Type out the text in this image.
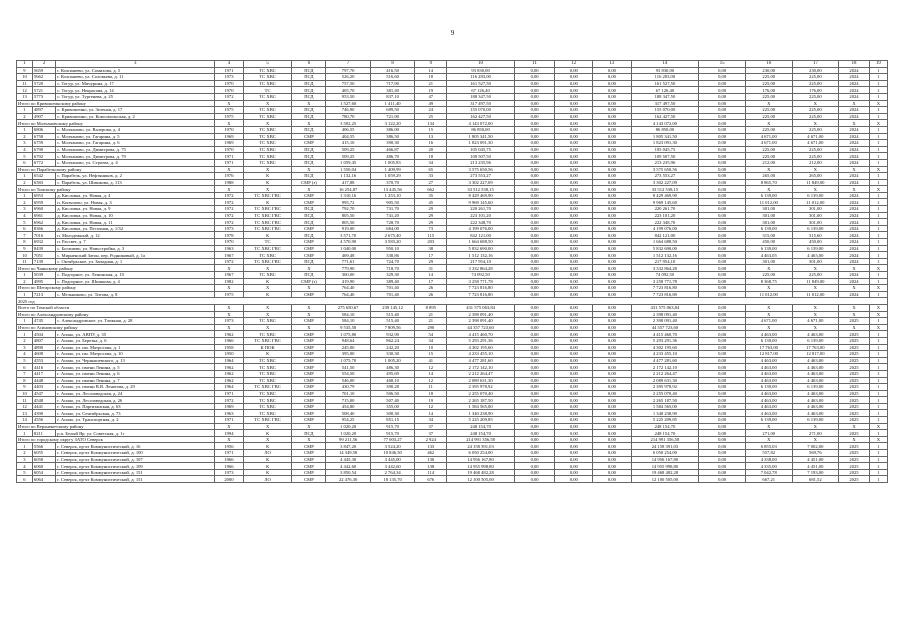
9
1	2	3	4	5	6	7	8	9	10	11	12	13	14	15	16	17	18	19
9	5659	г. Колпашево, ул. Сомихова, д. 5	1971	ТС ХВС	ПСД	797,70	416,50	14	93 830,00	0,00	0,00	0,00	93 830,00	0,00	230,00	230,00	2024	1
10	5662	г. Колпашево, ул. Соловьева, д. 11	1973	ТС ХВС	ПСД	526,20	516,60	18	116 283,00	0,00	0,00	0,00	116 283,00	0,00	225,00	225,00	2024	1
11	5720	с. Тогур, ул. Мичурина, д. 17	1970	ТС ХВС	ПСД	757,50	717,90	21	161 527,50	0,00	0,00	0,00	161 527,50	0,00	225,00	225,00	2024	1
12	5721	с. Тогур, ул. Некрасова, д. 14	1970	ТС	ПСД	405,70	381,40	19	67 126,40	0,00	0,00	0,00	67 126,40	0,00	176,00	176,00	2024	1
13	5773	с. Тогур, ул. Тургенева, д. 25	1972	ТС ХВС	ПСД	953,50	837,10	47	188 347,50	0,00	0,00	0,00	188 347,50	0,00	225,00	225,00	2024	1
Итого по Кривошеинскому району			X	X	X	1 527,60	1 411,40	49	317 497,50	0,00	0,00	0,00	317 497,50	0,00	X	X	X	X
1	4897	с. Кривошеино, ул. Зеленая, д. 17	1975	ТС ХВС	ПСД	746,90	689,50	24	155 070,00	0,00	0,00	0,00	155 070,00	0,00	225,00	225,00	2024	1
2	4907	с. Кривошеино, ул. Комсомольская, д. 2	1975	ТС ХВС	ПСД	780,70	721,90	25	162 427,50	0,00	0,00	0,00	162 427,50	0,00	225,00	225,00	2024	1
Итого по Молчановскому району			X	X	X	3 502,25	3 122,20	134	4 143 072,00	0,00	0,00	0,00	4 143 072,00	0,00	X	X	X	X
1	6806	с. Молчаново, ул. Валерова, д. 4	1970	ТС ХВС	ПСД	406,55	386,00	15	86 850,00	0,00	0,00	0,00	86 850,00	0,00	225,00	225,00	2024	1
2	6758	с. Молчаново, ул. Гагарина, д. 5	1969	ТС ХВС	СМР	404,55	386,50	13	1 805 341,50	0,00	0,00	0,00	1 805 341,50	0,00	4 671,00	4 671,00	2024	1
3	6759	с. Молчаново, ул. Гагарина, д. 6	1969	ТС ХВС	СМР	415,10	390,30	16	1 823 091,30	0,00	0,00	0,00	1 823 091,30	0,00	4 671,00	4 671,00	2024	1
4	6790	с. Молчаново, ул. Димитрова, д. 75	1970	ТС ХВС	ПСД	509,25	466,87	20	105 045,75	0,00	0,00	0,00	105 045,75	0,00	225,00	225,00	2024	1
5	6792	с. Молчаново, ул. Димитрова, д. 79	1971	ТС ХВС	ПСД	509,25	486,70	18	109 507,50	0,00	0,00	0,00	109 507,50	0,00	225,00	225,00	2024	1
6	6772	с. Молчаново, ул. Строева, д. 4	1971	ТС ХВС	ПСД	1 059,45	1 005,83	34	213 235,96	0,00	0,00	0,00	213 235,96	0,00	212,00	212,00	2024	1
Итого по Парабельскому району			X	X	X	1 550,04	1 409,99	65	3 575 650,56	0,00	0,00	0,00	3 575 650,56	0,00	X	X	X	X
1	6542	с. Парабель, ул. Нефтяников, д. 2	1976	К	ПСД	1 132,16	1 059,29	33	273 553,27	0,00	0,00	0,00	273 553,27	0,00	265,00	265,00	2024	1
2	6583	с. Парабель, ул. Шишкова, д. 113	1988	К	СМР (з)	417,88	370,70	27	3 302 227,09	0,00	0,00	0,00	3 302 227,09	0,00	8 865,70	11 849,00	2024	1
Итого по Томскому району			X	X	X	16 254,87	13 445,56	662	33 512 538,15	0,00	0,00	0,00	33 512 538,15	0,00	X	X	X	X
1	6953	д. Кисловка, ул. Новая, д. 4	1972	ТС ХВС ГВС	СМР	1 310,16	1 253,10	35	8 429 469,90	0,00	0,00	0,00	8 429 469,90	0,00	6 139,00	6 139,00	2024	1
2	6959	п. Копылово, ул. Новая, д. 3	1972	К	СМР	995,72	905,50	45	9 969 145,60	0,00	0,00	0,00	9 969 145,60	0,00	11 012,00	11 012,00	2024	1
3	6960	д. Кисловка, ул. Новая, д. 9	1972	ТС ХВС ГВС	ПСД	792,70	731,70	29	220 261,70	0,00	0,00	0,00	220 261,70	0,00	301,00	301,00	2024	1
4	6961	д. Кисловка, ул. Новая, д. 10	1972	ТС ХВС ГВС	ПСД	805,50	741,20	29	223 101,20	0,00	0,00	0,00	223 101,20	0,00	301,00	301,00	2024	1
5	6962	д. Кисловка, ул. Новая, д. 11	1972	ТС ХВС ГВС	ПСД	805,50	728,70	29	222 348,70	0,00	0,00	0,00	222 348,70	0,00	301,00	301,00	2024	1
6	8366	д. Кисловка, ул. Песочная, д. 1/32	1973	ТС ХВС ГВС	СМР	919,00	684,00	73	4 199 076,00	0,00	0,00	0,00	4 199 076,00	0,00	6 139,00	6 139,00	2024	1
7	7016	п. Молодежный, д. 12	1978	К	ПСД	3 571,70	2 675,40	115	842 121,00	0,00	0,00	0,00	842 121,00	0,00	315,00	315,60	2024	1
8	6932	п. Рассвет, д. 7	1970	ТС	СМР	4 570,90	3 583,20	203	1 664 688,50	0,00	0,00	0,00	1 664 688,50	0,00	450,00	450,00	2024	1
9	8439	с. Богашево, ул. Новостройка, д. 3	1963	ТС ХВС ГВС	СМР	1 040,00	950,10	38	5 832 690,00	0,00	0,00	0,00	5 832 690,00	0,00	6 139,00	6 139,00	2024	1
10	7051	с. Мирненский Затон, пер. Родниковый, д. 1а	1967	ТС ХВС	СМР	469,48	338,86	17	1 512 132,16	0,00	0,00	0,00	1 512 132,16	0,00	4 463,05	4 463,00	2024	1
11	7139	с. Октябрьское, ул. Западная, д. 1	1972	ТС ХВС ГВС	ПСД	771,61	724,70	29	217 954,10	0,00	0,00	0,00	217 954,10	0,00	301,00	301,00	2024	1
Итого по Чаинскому району			X	X	X	779,90	718,70	31	3 332 864,28	0,00	0,00	0,00	3 332 864,28	0,00	X	X	X	X
1	5039	с. Подгорное, ул. Ленинская, д. 10	1967	ТС ХВС	ПСД	360,00	329,30	14	74 092,50	0,00	0,00	0,00	74 092,50	0,00	225,00	225,00	2024	1
2	4995	с. Подгорное, ул. Шишкова, д. 4	1982	К	СМР (з)	419,90	389,40	17	3 258 771,78	0,00	0,00	0,00	3 258 771,78	0,00	8 368,75	11 849,00	2024	1
Итого по Шегарскому району			X	X	X	764,40	701,40	26	7 723 816,80	0,00	0,00	0,00	7 723 816,80	0,00	X	X	X	X
1	7213	с. Мельниково, ул. Титова, д. 8	1975	К	СМР	764,40	701,40	26	7 723 816,80	0,00	0,00	0,00	7 723 816,80	0,00	11 012,00	11 012,00	2024	1
2025 год																		
Всего по Томской области			X	X	X	275 650,67	239 145,12	8 895	431 575 063,84	0,00	0,00	0,00	431 575 063,84	0,00	X	X	X	X
Итого по Александровскому району			X	X	X	584,10	515,40	21	2 398 091,40	0,00	0,00	0,00	2 398 091,40	0,00	X	X	X	X
1	4745	с. Александровское, ул. Таежная, д. 28	1973	ТС ХВС	СМР	584,10	515,40	21	2 398 091,40	0,00	0,00	0,00	2 398 091,40	0,00	4 671,00	4 671,00	2025	1
Итого по Асиновскому району			X	X	X	9 535,58	7 809,56	290	44 357 723,60	0,00	0,00	0,00	44 357 723,60	0,00	X	X	X	X
1	4504	г. Асино, ул. АВПУ, д. 35	1962	ТС ХВС	СМР	1 075,80	932,90	54	4 415 460,70	0,00	0,00	0,00	4 415 460,70	0,00	4 463,00	4 463,00	2025	1
2	4807	г. Асино, ул. Березка, д. 6	1966	ТС ХВС ГВС	СМР	948,64	862,24	34	5 293 291,36	0,00	0,00	0,00	5 293 291,36	0,00	6 139,00	6 139,00	2025	1
3	4890	г. Асино, ул. им. Матросова, д. 1	1958	К ПОК	СМР	245,00	242,20	10	4 302 195,60	0,00	0,00	0,00	4 302 195,60	0,00	17 763,00	17 763,00	2025	1
4	4608	г. Асино, ул. им. Матросова, д. 10	1950	К	СМР	395,00	330,30	15	4 233 455,10	0,00	0,00	0,00	4 233 455,10	0,00	12 817,00	12 817,00	2025	1
5	4553	г. Асино, ул. Чернышевского, д. 13	1964	ТС ХВС	СМР	1 075,70	1 005,20	41	4 477 281,60	0,00	0,00	0,00	4 477 281,60	0,00	4 463,00	4 463,00	2025	1
6	4416	г. Асино, ул. имени Ленина, д. 5	1962	ТС ХВС	СМР	541,50	486,30	12	2 172 142,10	0,00	0,00	0,00	2 172 142,10	0,00	4 463,00	4 463,00	2025	1
7	4417	г. Асино, ул. имени Ленина, д. 6	1962	ТС ХВС	СМР	554,50	495,69	14	2 212 264,47	0,00	0,00	0,00	2 212 264,47	0,00	4 463,00	4 463,00	2025	1
8	4448	г. Асино, ул. имени Ленина, д. 7	1962	ТС ХВС	СМР	546,00	468,10	12	2 089 631,30	0,00	0,00	0,00	2 089 631,30	0,00	4 463,00	4 463,00	2025	1
9	4403	г. Асино, ул. имени В.В. Ленатова, д. 29	1964	ТС ХВС ГВС	СМР	430,79	390,28	11	2 395 978,92	0,00	0,00	0,00	2 395 978,92	0,00	6 139,00	6 139,00	2025	1
10	4547	г. Асино, ул. Лесозаводская, д. 24	1971	ТС ХВС	СМР	701,10	506,50	18	2 255 070,40	0,00	0,00	0,00	2 255 070,40	0,00	4 463,00	4 463,00	2025	1
11	4548	г. Асино, ул. Лесозаводская, д. 26	1972	ТС ХВС	СМР	715,00	507,40	19	2 265 187,50	0,00	0,00	0,00	2 265 187,50	0,00	4 463,00	4 463,00	2025	1
12	4441	г. Асино, ул. Партизанская, д. 63	1969	ТС ХВС	СМР	454,80	355,00	12	1 584 565,00	0,00	0,00	0,00	1 584 565,00	0,00	4 463,00	4 463,00	2025	1
13	4390	г. Асино, ул. Сентябрьская, д. 73	1963	ТС ХВС	СМР	508,40	300,30	14	1 340 238,90	0,00	0,00	0,00	1 340 238,90	0,00	4 463,00	4 463,00	2025	1
14	4556	г. Асино, ул. Транспортная, д. 2	1971	ТС ХВС ГВС	СМР	954,25	851,15	34	5 225 209,85	0,00	0,00	0,00	5 225 209,85	0,00	6 139,00	6 139,00	2025	1
Итого по Верхнекетскому району			X	X	X	1 020,20	915,70	37	248 154,70	0,00	0,00	0,00	248 154,70	0,00	X	X	X	X
1	8211	р.п. Белый Яр, ул. Советская, д. 1г	1994	К	ПСД	1 020,20	915,70	37	248 154,70	0,00	0,00	0,00	248 154,70	0,00	271,00	271,00	2025	1
Итого по городскому округу ЗАТО Северск			X	X	X	99 211,56	77 003,27	2 924	214 991 356,58	0,00	0,00	0,00	214 991 356,58	0,00	X	X	X	X
1	5566	г. Северск, пр-кт Коммунистический, д. 16	1956	К	СМР	3 847,20	3 524,20	133	24 158 391,03	0,00	0,00	0,00	24 158 391,03	0,00	6 855,03	7 002,00	2025	1
2	6055	г. Северск, пр-кт Коммунистический, д. 100	1971	ЛО	СМР	14 349,58	10 846,50	462	6 050 254,00	0,00	0,00	0,00	6 050 254,00	0,00	557,82	569,76	2025	1
3	6058	г. Северск, пр-кт Коммунистический, д. 107	1966	К	СМР	4 445,30	3 445,00	130	14 956 167,80	0,00	0,00	0,00	14 956 167,80	0,00	4 338,00	4 451,00	2025	1
4	6060	г. Северск, пр-кт Коммунистический, д. 109	1966	К	СМР	4 442,60	3 442,60	138	14 955 998,80	0,00	0,00	0,00	14 955 998,80	0,00	4 335,00	4 451,00	2025	1
5	6054	г. Северск, пр-кт Коммунистический, д. 151	1973	К	СМР	3 850,54	2 764,34	114	19 468 482,28	0,00	0,00	0,00	19 468 482,28	0,00	7 042,78	7 193,00	2025	1
6	6064	г. Северск, пр-кт Коммунистический, д. 151	2000	ЛО	СМР	22 476,30	18 135,70	676	12 100 505,00	0,00	0,00	0,00	12 100 505,00	0,00	667,21	681,52	2025	1
